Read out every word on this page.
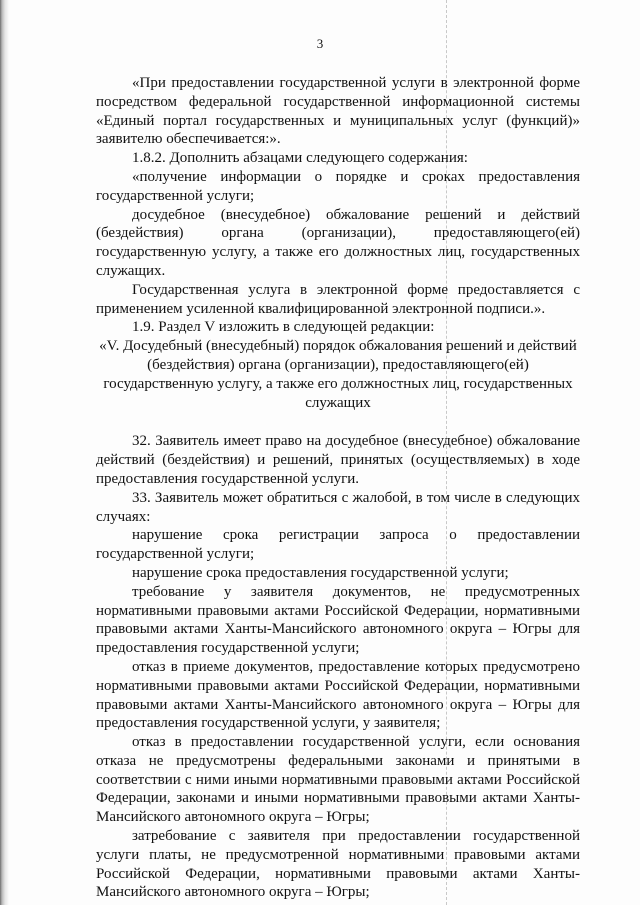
3

«При предоставлении государственной услуги в электронной форме посредством федеральной государственной информационной системы «Единый портал государственных и муниципальных услуг (функций)» заявителю обеспечивается:».

1.8.2. Дополнить абзацами следующего содержания:

«получение информации о порядке и сроках предоставления государственной услуги;

досудебное (внесудебное) обжалование решений и действий (бездействия) органа (организации), предоставляющего(ей) государственную услугу, а также его должностных лиц, государственных служащих.

Государственная услуга в электронной форме предоставляется с применением усиленной квалифицированной электронной подписи.».

1.9. Раздел V изложить в следующей редакции:

«V. Досудебный (внесудебный) порядок обжалования решений и действий (бездействия) органа (организации), предоставляющего(ей) государственную услугу, а также его должностных лиц, государственных служащих

32. Заявитель имеет право на досудебное (внесудебное) обжалование действий (бездействия) и решений, принятых (осуществляемых) в ходе предоставления государственной услуги.

33. Заявитель может обратиться с жалобой, в том числе в следующих случаях:

нарушение срока регистрации запроса о предоставлении государственной услуги;

нарушение срока предоставления государственной услуги;

требование у заявителя документов, не предусмотренных нормативными правовыми актами Российской Федерации, нормативными правовыми актами Ханты-Мансийского автономного округа – Югры для предоставления государственной услуги;

отказ в приеме документов, предоставление которых предусмотрено нормативными правовыми актами Российской Федерации, нормативными правовыми актами Ханты-Мансийского автономного округа – Югры для предоставления государственной услуги, у заявителя;

отказ в предоставлении государственной услуги, если основания отказа не предусмотрены федеральными законами и принятыми в соответствии с ними иными нормативными правовыми актами Российской Федерации, законами и иными нормативными правовыми актами Ханты-Мансийского автономного округа – Югры;

затребование с заявителя при предоставлении государственной услуги платы, не предусмотренной нормативными правовыми актами Российской Федерации, нормативными правовыми актами Ханты-Мансийского автономного округа – Югры;
